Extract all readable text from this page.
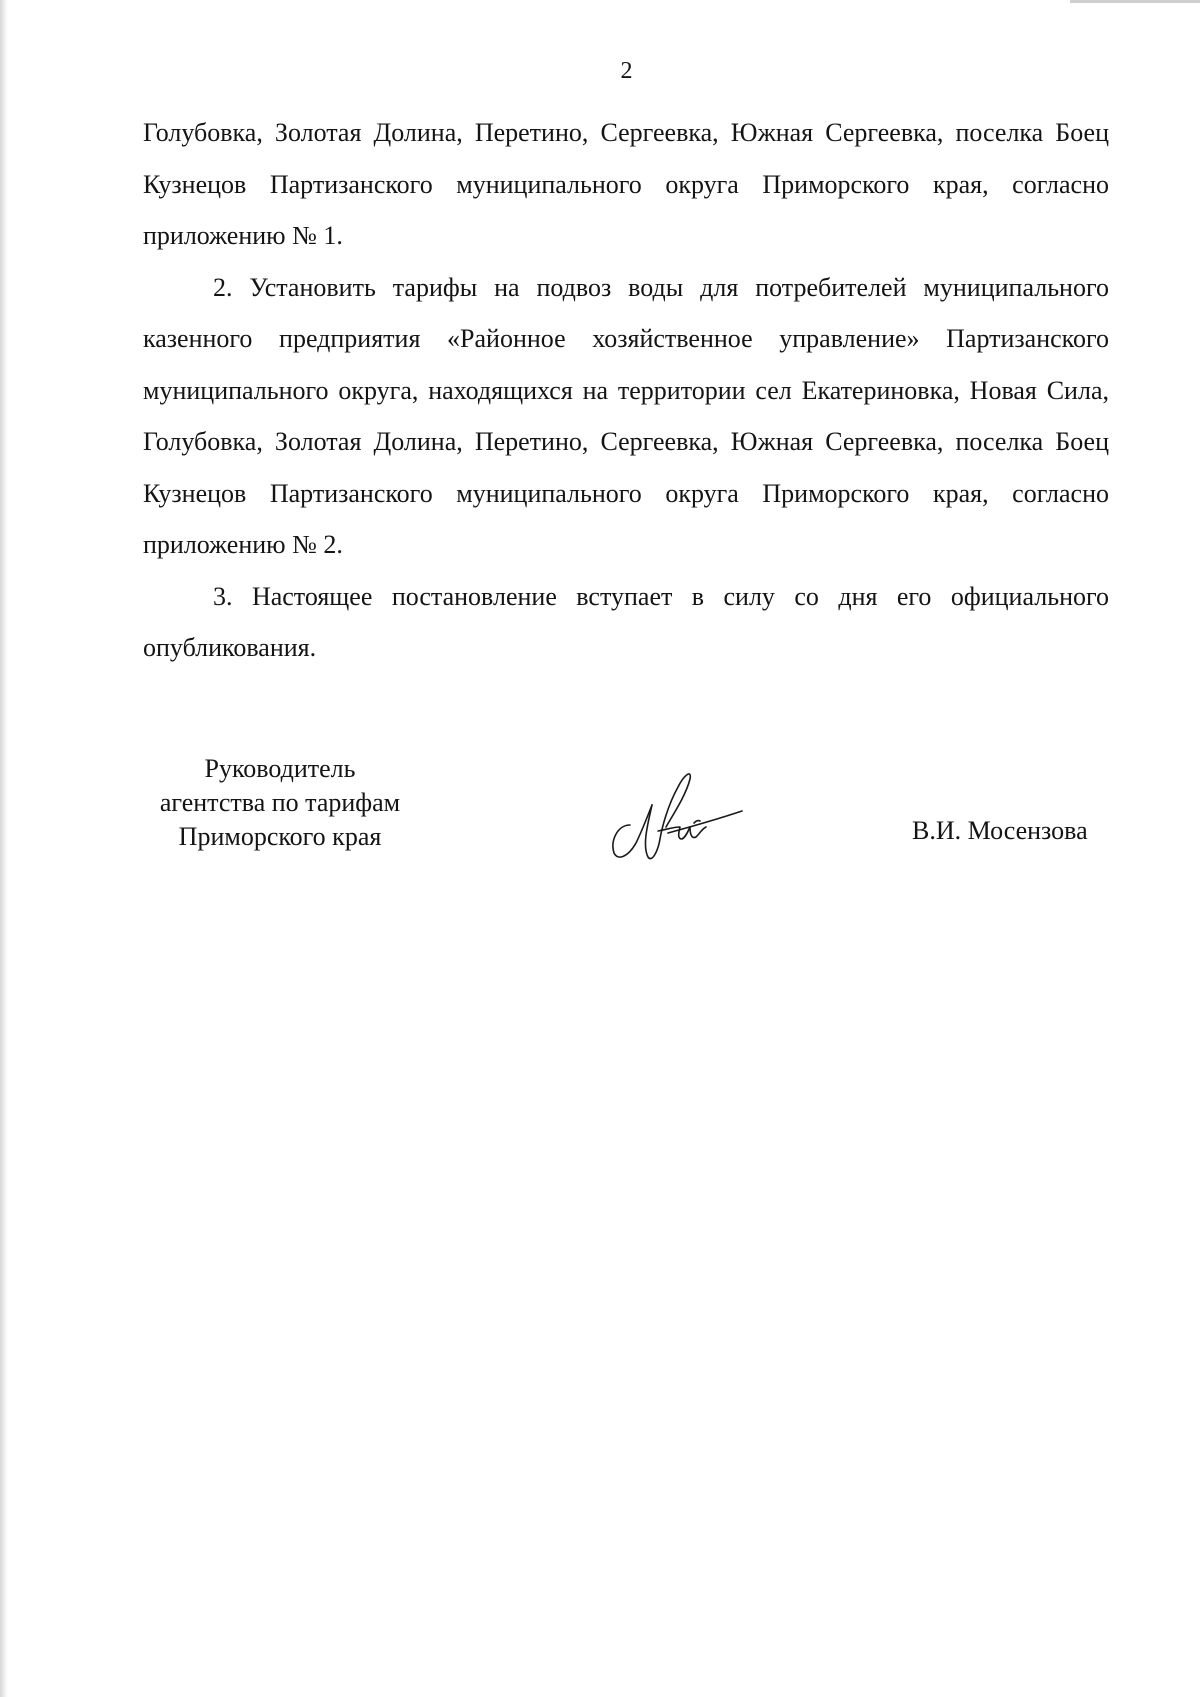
2

Голубовка, Золотая Долина, Перетино, Сергеевка, Южная Сергеевка, поселка Боец Кузнецов Партизанского муниципального округа Приморского края, согласно приложению № 1.

2. Установить тарифы на подвоз воды для потребителей муниципального казенного предприятия «Районное хозяйственное управление» Партизанского муниципального округа, находящихся на территории сел Екатериновка, Новая Сила, Голубовка, Золотая Долина, Перетино, Сергеевка, Южная Сергеевка, поселка Боец Кузнецов Партизанского муниципального округа Приморского края, согласно приложению № 2.

3. Настоящее постановление вступает в силу со дня его официального опубликования.

Руководитель
агентства по тарифам
Приморского края	В.И. Мосензова
